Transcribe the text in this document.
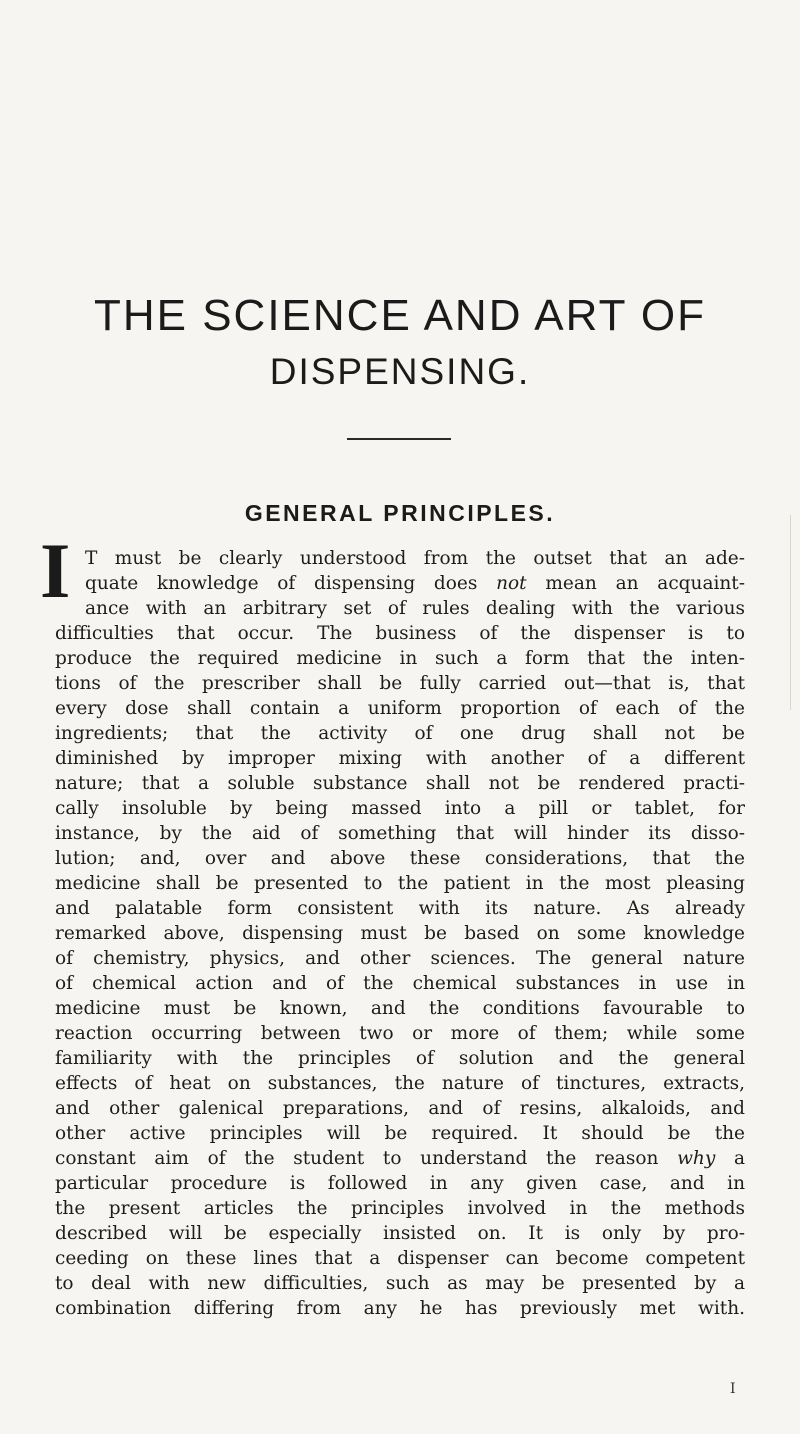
THE SCIENCE AND ART OF
DISPENSING.
GENERAL PRINCIPLES.
I T must be clearly understood from the outset that an ade-
quate knowledge of dispensing does not mean an acquaint-
ance with an arbitrary set of rules dealing with the various
difficulties that occur. The business of the dispenser is to
produce the required medicine in such a form that the inten-
tions of the prescriber shall be fully carried out—that is, that
every dose shall contain a uniform proportion of each of the
ingredients; that the activity of one drug shall not be
diminished by improper mixing with another of a different
nature; that a soluble substance shall not be rendered practi-
cally insoluble by being massed into a pill or tablet, for
instance, by the aid of something that will hinder its disso-
lution; and, over and above these considerations, that the
medicine shall be presented to the patient in the most pleasing
and palatable form consistent with its nature. As already
remarked above, dispensing must be based on some knowledge
of chemistry, physics, and other sciences. The general nature
of chemical action and of the chemical substances in use in
medicine must be known, and the conditions favourable to
reaction occurring between two or more of them; while some
familiarity with the principles of solution and the general
effects of heat on substances, the nature of tinctures, extracts,
and other galenical preparations, and of resins, alkaloids, and
other active principles will be required. It should be the
constant aim of the student to understand the reason why a
particular procedure is followed in any given case, and in
the present articles the principles involved in the methods
described will be especially insisted on. It is only by pro-
ceeding on these lines that a dispenser can become competent
to deal with new difficulties, such as may be presented by a
combination differing from any he has previously met with.
I
